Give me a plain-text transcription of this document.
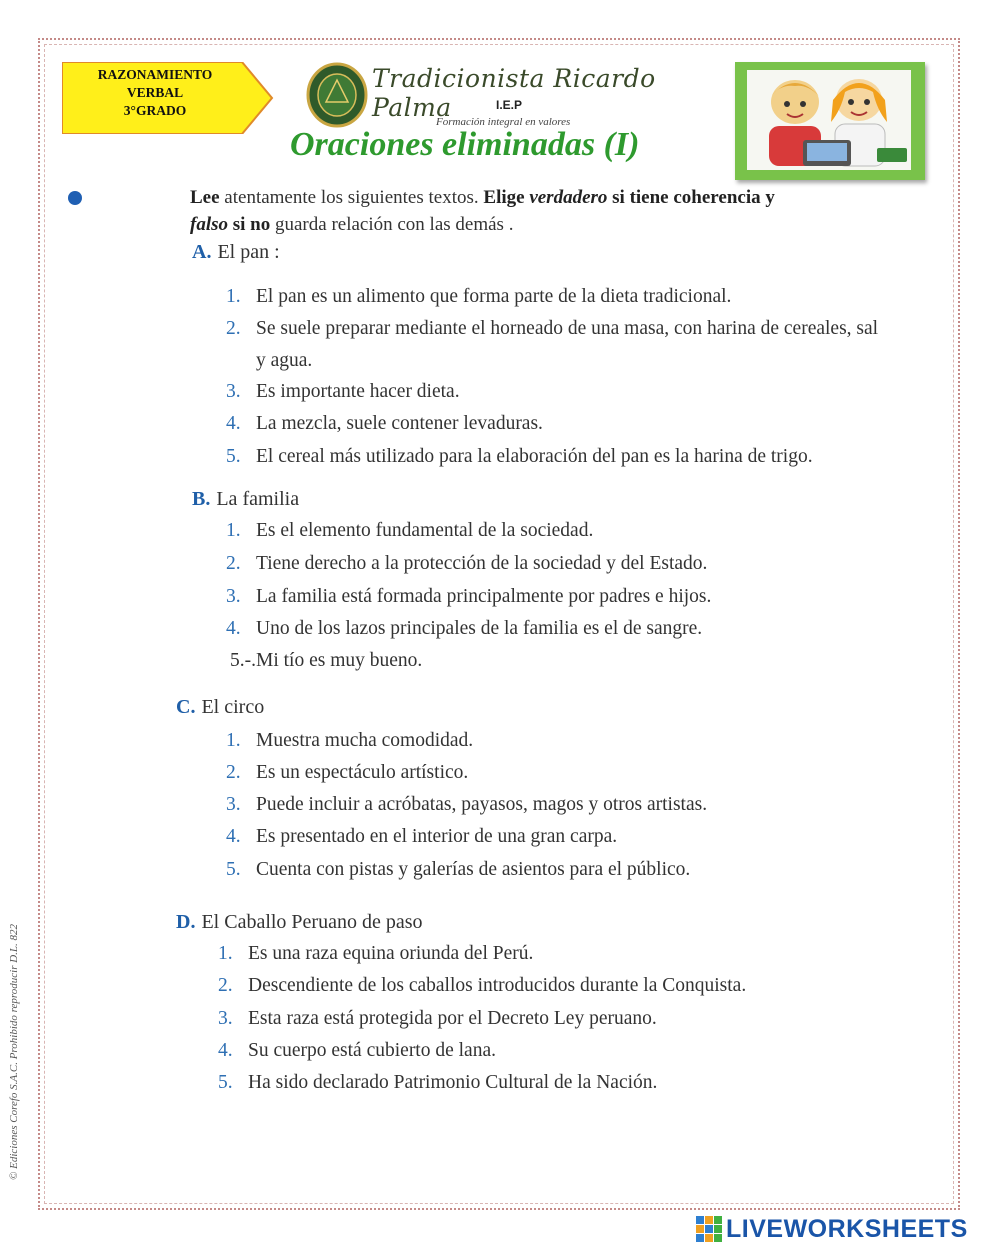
RAZONAMIENTO
VERBAL
3°GRADO
Tradicionista Ricardo Palma	I.E.P
Formación integral en valores
Oraciones eliminadas (I)
Lee atentamente los siguientes textos. Elige verdadero si tiene coherencia y
falso si no guarda relación con las demás .
A. El pan :
1. El pan es un alimento que forma parte de la dieta tradicional.
2. Se suele preparar mediante el horneado de una masa, con harina de cereales, sal y agua.
3. Es importante hacer dieta.
4. La mezcla, suele contener levaduras.
5. El cereal más utilizado para la elaboración del pan es la harina de trigo.
B. La familia
1. Es el elemento fundamental de la sociedad.
2. Tiene derecho a la protección de la sociedad y del Estado.
3. La familia está formada principalmente por padres e hijos.
4. Uno de los lazos principales de la familia es el de sangre.
5.-.Mi tío es muy bueno.
C. El circo
1. Muestra mucha comodidad.
2. Es un espectáculo artístico.
3. Puede incluir a acróbatas, payasos, magos y otros artistas.
4. Es presentado en el interior de una gran carpa.
5. Cuenta con pistas y galerías de asientos para el público.
D. El Caballo Peruano de paso
1. Es una raza equina oriunda del Perú.
2. Descendiente de los caballos introducidos durante la Conquista.
3. Esta raza está protegida por el Decreto Ley peruano.
4. Su cuerpo está cubierto de lana.
5. Ha sido declarado Patrimonio Cultural de la Nación.
© Ediciones Corefo S.A.C. Prohibido reproducir D.L. 822
LIVEWORKSHEETS
